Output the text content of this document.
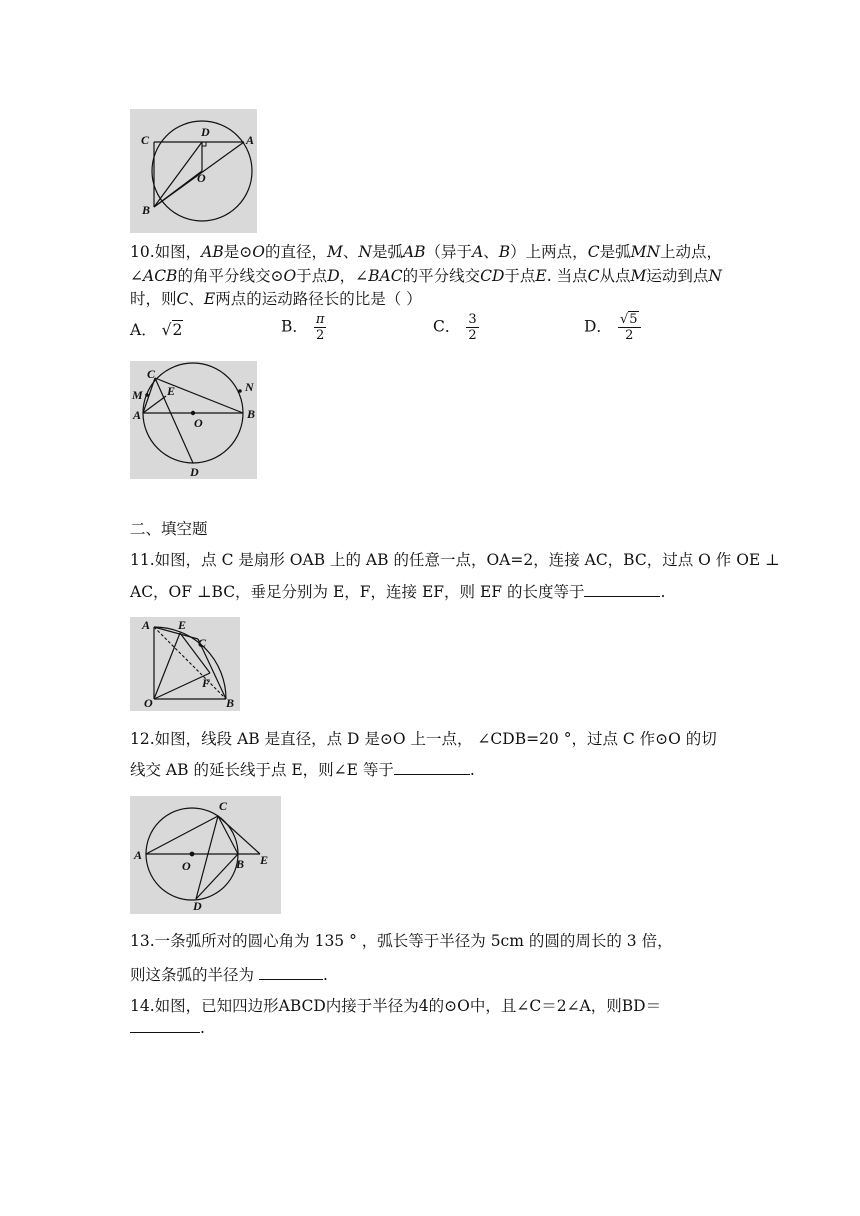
C
D
A
O
B
10.如图，AB是⊙O的直径，M、N是弧AB（异于A、B）上两点，C是弧MN上动点，
∠ACB的角平分线交⊙O于点D，∠BAC的平分线交CD于点E. 当点C从点M运动到点N
时，则C、E两点的运动路径长的比是（ ）
A． √2	B． $\frac{\pi}{2}$	C． $\frac{3}{2}$	D． $\frac{√5}{2}$
C
E	N
M
A
O
B
D
二、填空题
11.如图，点 C 是扇形 OAB 上的 AB 的任意一点，OA=2，连接 AC，BC，过点 O 作 OE ⊥
AC，OF ⊥BC，垂足分别为 E，F，连接 EF，则 EF 的长度等于	.
A E
C
F
O	B
12.如图，线段 AB 是直径，点 D 是⊙O 上一点， ∠CDB=20 °，过点 C 作⊙O 的切
线交 AB 的延长线于点 E，则∠E 等于	.
C
A
O	B E
D
13.一条弧所对的圆心角为 135 ° ，弧长等于半径为 5cm 的圆的周长的 3 倍，
则这条弧的半径为	.
14.如图，已知四边形ABCD内接于半径为4的⊙O中，且∠C＝2∠A，则BD＝
.
